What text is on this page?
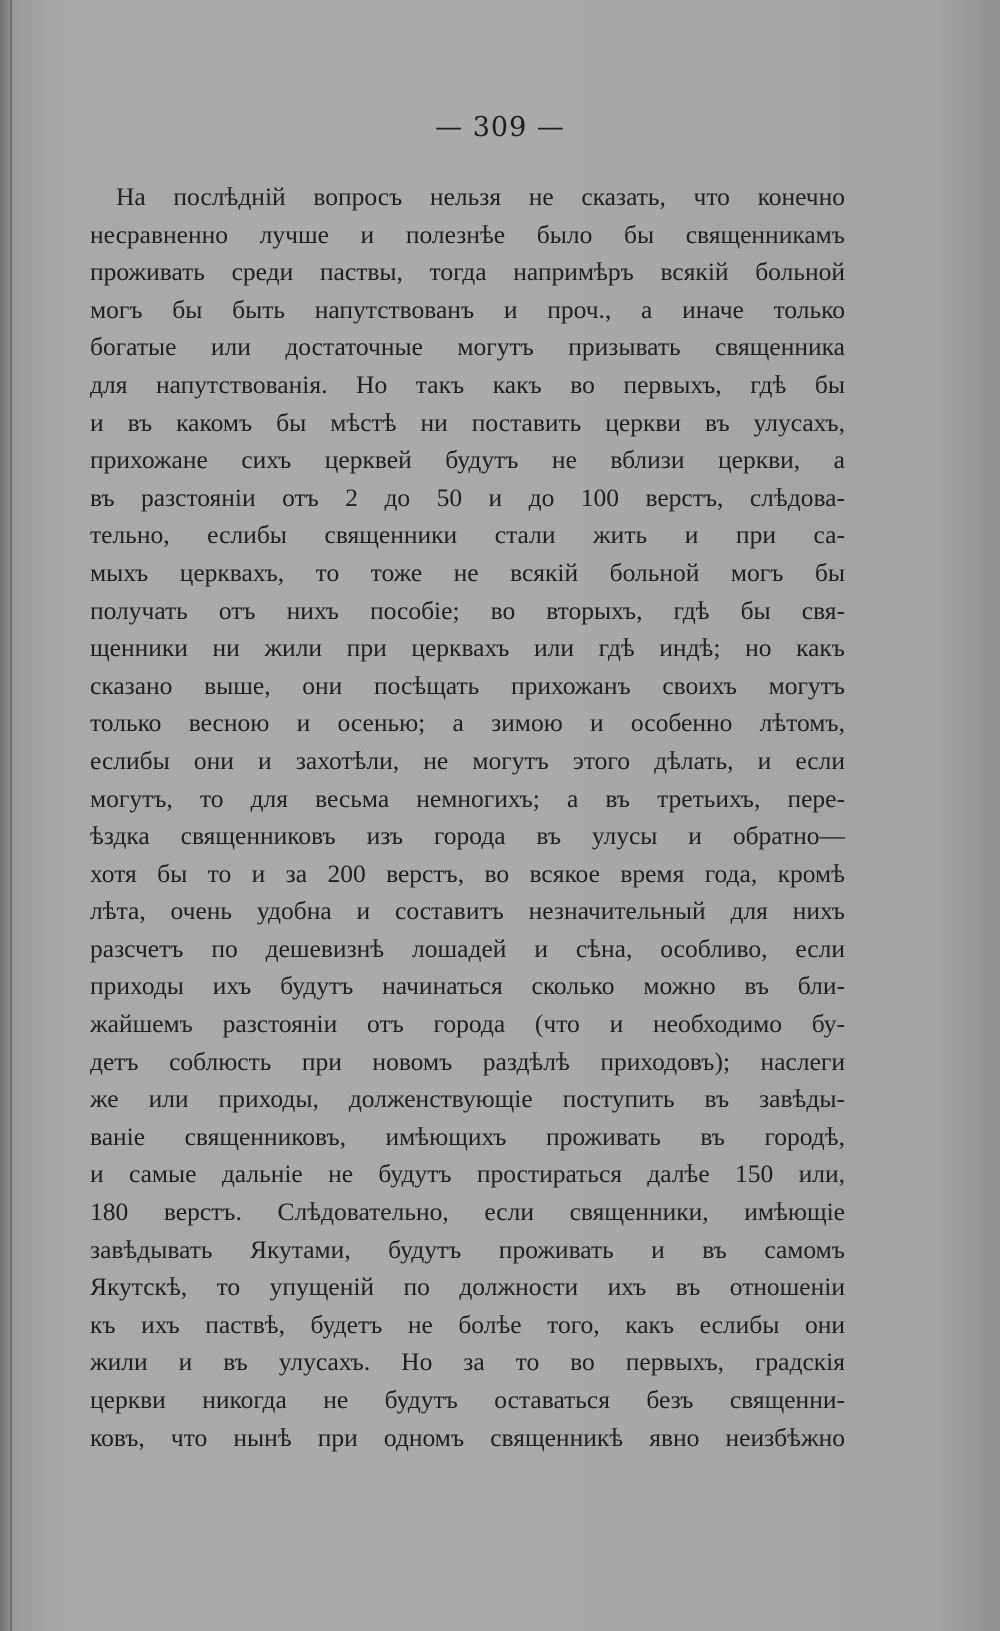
— 309 —
На послѣдній вопросъ нельзя не сказать, что конечно
несравненно лучше и полезнѣе было бы священникамъ
проживать среди паствы, тогда напримѣръ всякій больной
могъ бы быть напутствованъ и проч., а иначе только
богатые или достаточные могутъ призывать священника
для напутствованія. Но такъ какъ во первыхъ, гдѣ бы
и въ какомъ бы мѣстѣ ни поставить церкви въ улусахъ,
прихожане сихъ церквей будутъ не вблизи церкви, а
въ разстояніи отъ 2 до 50 и до 100 верстъ, слѣдова-
тельно, еслибы священники стали жить и при са-
мыхъ церквахъ, то тоже не всякій больной могъ бы
получать отъ нихъ пособіе; во вторыхъ, гдѣ бы свя-
щенники ни жили при церквахъ или гдѣ индѣ; но какъ
сказано выше, они посѣщать прихожанъ своихъ могутъ
только весною и осенью; а зимою и особенно лѣтомъ,
еслибы они и захотѣли, не могутъ этого дѣлать, и если
могутъ, то для весьма немногихъ; а въ третьихъ, пере-
ѣздка священниковъ изъ города въ улусы и обратно—
хотя бы то и за 200 верстъ, во всякое время года, кромѣ
лѣта, очень удобна и составитъ незначительный для нихъ
разсчетъ по дешевизнѣ лошадей и сѣна, особливо, если
приходы ихъ будутъ начинаться сколько можно въ бли-
жайшемъ разстояніи отъ города (что и необходимо бу-
детъ соблюсть при новомъ раздѣлѣ приходовъ); наслеги
же или приходы, долженствующіе поступить въ завѣды-
ваніе священниковъ, имѣющихъ проживать въ городѣ,
и самые дальніе не будутъ простираться далѣе 150 или,
180 верстъ. Слѣдовательно, если священники, имѣющіе
завѣдывать Якутами, будутъ проживать и въ самомъ
Якутскѣ, то упущеній по должности ихъ въ отношеніи
къ ихъ паствѣ, будетъ не болѣе того, какъ еслибы они
жили и въ улусахъ. Но за то во первыхъ, градскія
церкви никогда не будутъ оставаться безъ священни-
ковъ, что нынѣ при одномъ священникѣ явно неизбѣжно
